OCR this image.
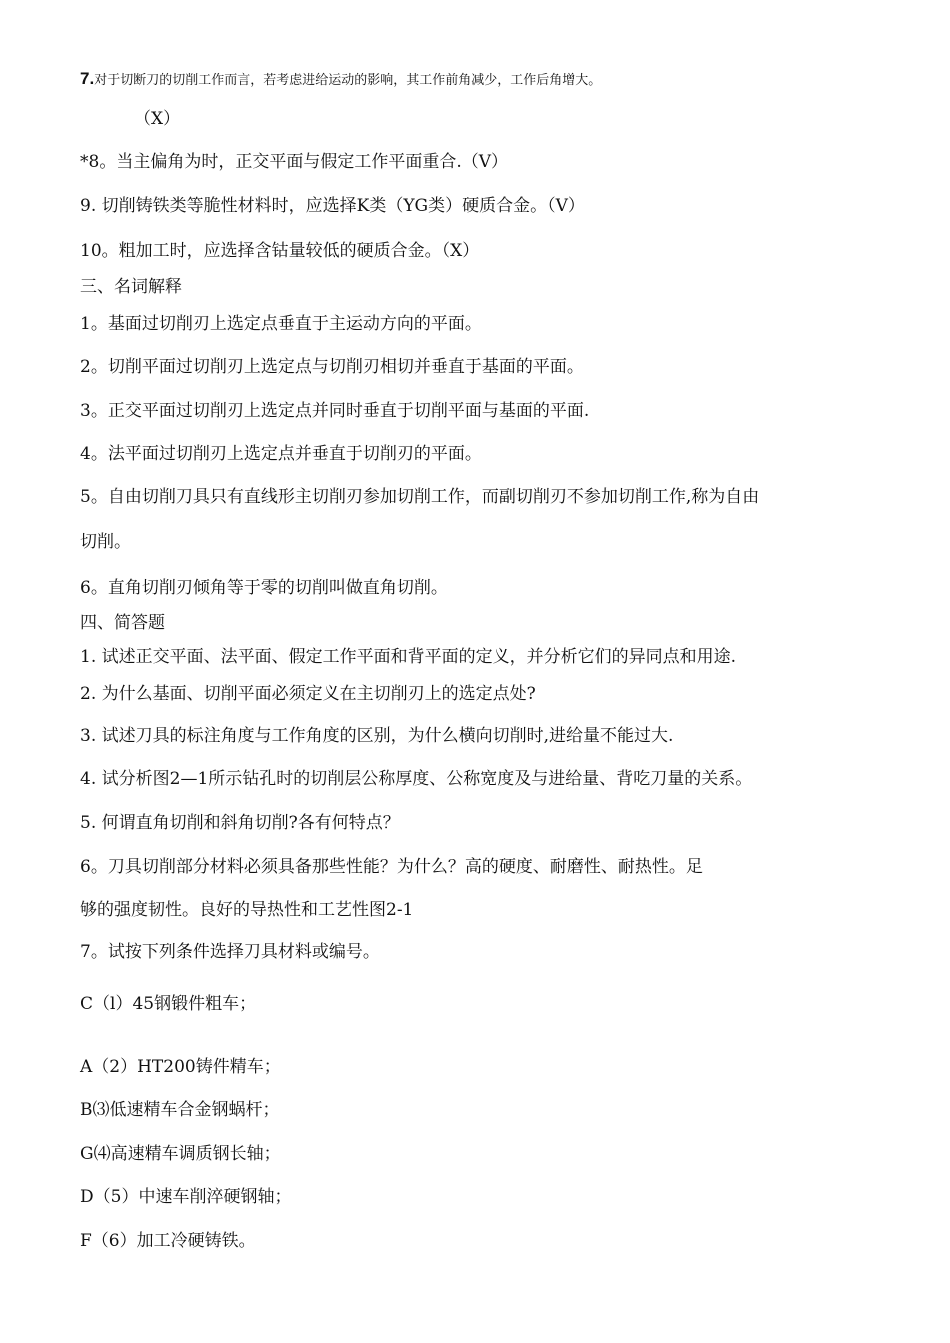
7.对于切断刀的切削工作而言，若考虑进给运动的影响，其工作前角减少，工作后角增大。
（X）
*8。当主偏角为时，正交平面与假定工作平面重合.（V）
9. 切削铸铁类等脆性材料时，应选择K类（YG类）硬质合金。（V）
10。粗加工时，应选择含钴量较低的硬质合金。（X）
三、名词解释
1。基面过切削刃上选定点垂直于主运动方向的平面。
2。切削平面过切削刃上选定点与切削刃相切并垂直于基面的平面。
3。正交平面过切削刃上选定点并同时垂直于切削平面与基面的平面.
4。法平面过切削刃上选定点并垂直于切削刃的平面。
5。自由切削刀具只有直线形主切削刃参加切削工作，而副切削刃不参加切削工作,称为自由
切削。
6。直角切削刃倾角等于零的切削叫做直角切削。
四、简答题
1. 试述正交平面、法平面、假定工作平面和背平面的定义，并分析它们的异同点和用途.
2. 为什么基面、切削平面必须定义在主切削刃上的选定点处?
3. 试述刀具的标注角度与工作角度的区别，为什么横向切削时,进给量不能过大.
4. 试分析图2—1所示钻孔时的切削层公称厚度、公称宽度及与进给量、背吃刀量的关系。
5. 何谓直角切削和斜角切削?各有何特点？
6。刀具切削部分材料必须具备那些性能？为什么？高的硬度、耐磨性、耐热性。足
够的强度韧性。良好的导热性和工艺性图2-1
7。试按下列条件选择刀具材料或编号。
C（l）45钢锻件粗车；
A（2）HT200铸件精车；
B⑶低速精车合金钢蜗杆；
G⑷高速精车调质钢长轴；
D（5）中速车削淬硬钢轴；
F（6）加工冷硬铸铁。
